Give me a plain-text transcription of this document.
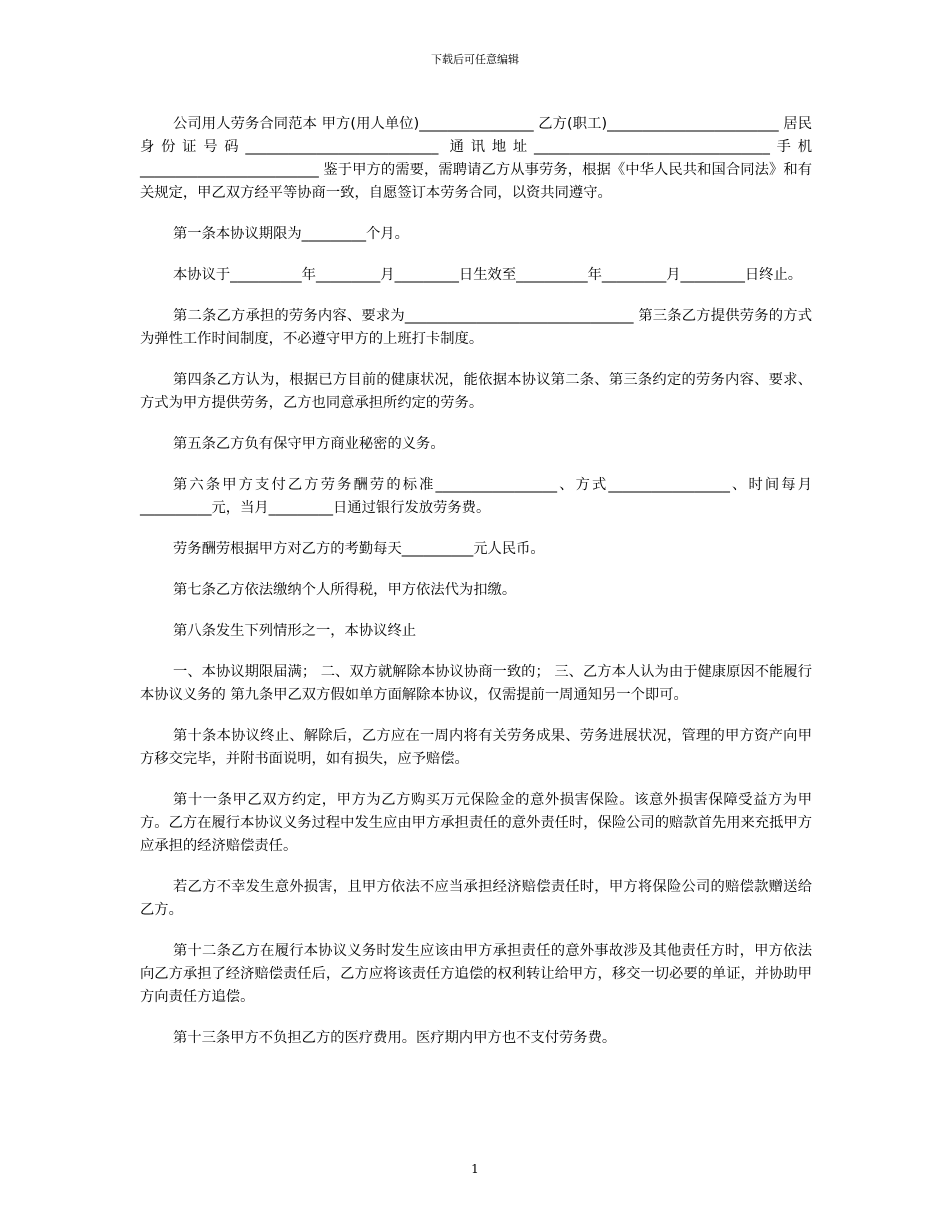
下载后可任意编辑

公司用人劳务合同范本 甲方(用人单位)________________ 乙方(职工)________________________ 居民身份证号码___________________________ 通讯地址_________________________________手机_________________________ 鉴于甲方的需要，需聘请乙方从事劳务，根据《中华人民共和国合同法》和有关规定，甲乙双方经平等协商一致，自愿签订本劳务合同，以资共同遵守。

第一条本协议期限为_________个月。

本协议于__________年_________月_________日生效至__________年_________月_________日终止。

第二条乙方承担的劳务内容、要求为________________________________ 第三条乙方提供劳务的方式为弹性工作时间制度，不必遵守甲方的上班打卡制度。

第四条乙方认为，根据已方目前的健康状况，能依据本协议第二条、第三条约定的劳务内容、要求、方式为甲方提供劳务，乙方也同意承担所约定的劳务。

第五条乙方负有保守甲方商业秘密的义务。

第六条甲方支付乙方劳务酬劳的标准_________________、方式_________________、时间每月__________元，当月_________日通过银行发放劳务费。

劳务酬劳根据甲方对乙方的考勤每天__________元人民币。

第七条乙方依法缴纳个人所得税，甲方依法代为扣缴。

第八条发生下列情形之一，本协议终止

一、本协议期限届满； 二、双方就解除本协议协商一致的； 三、乙方本人认为由于健康原因不能履行本协议义务的 第九条甲乙双方假如单方面解除本协议，仅需提前一周通知另一个即可。

第十条本协议终止、解除后，乙方应在一周内将有关劳务成果、劳务进展状况，管理的甲方资产向甲方移交完毕，并附书面说明，如有损失，应予赔偿。

第十一条甲乙双方约定，甲方为乙方购买万元保险金的意外损害保险。该意外损害保障受益方为甲方。乙方在履行本协议义务过程中发生应由甲方承担责任的意外责任时，保险公司的赔款首先用来充抵甲方应承担的经济赔偿责任。

若乙方不幸发生意外损害，且甲方依法不应当承担经济赔偿责任时，甲方将保险公司的赔偿款赠送给乙方。

第十二条乙方在履行本协议义务时发生应该由甲方承担责任的意外事故涉及其他责任方时，甲方依法向乙方承担了经济赔偿责任后，乙方应将该责任方追偿的权利转让给甲方，移交一切必要的单证，并协助甲方向责任方追偿。

第十三条甲方不负担乙方的医疗费用。医疗期内甲方也不支付劳务费。

1
